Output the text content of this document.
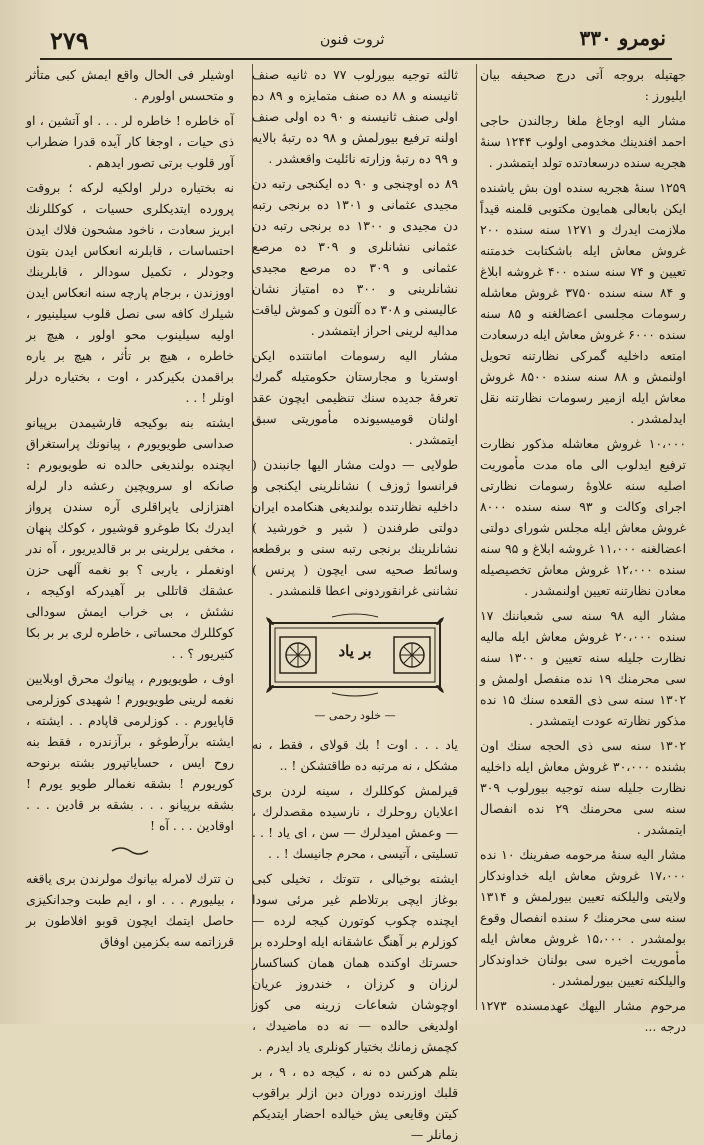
۲۷۹	ثروت فنون	نومرو ۳۳۰

جهتیله بروجه آتی درج صحیفه بیان ایلیورز :

مشار الیه اوجاغ ملغا رجالندن حاجی احمد افندینك مخدومی اولوب ۱۲۴۴ سنهٔ هجریه سنده درسعادتده تولد ایتمشدر .

۱۲۵۹ سنهٔ هجریه سنده اون بش یاشنده ایکن بابعالی همایون مکتوبی قلمنه قیداً ملازمت ایدرك و ۱۲۷۱ سنه سنده ۲۰۰ غروش معاش ایله باشکتابت خدمتنه تعیین و ۷۴ سنه سنده ۴۰۰ غروشه ابلاغ و ۸۴ سنه سنده ۳۷۵۰ غروش معاشله رسومات مجلسی اعضالغنه و ۸۵ سنه سنده ۶۰۰۰ غروش معاش ایله درسعادت امتعه داخلیه گمرکی نظارتنه تحویل اولنمش و ۸۸ سنه سنده ۸۵۰۰ غروش معاش ایله ازمیر رسومات نظارتنه نقل ایدلمشدر .

۱۰،۰۰۰ غروش معاشله مذکور نظارت ترفیع ایدلوب الی ماه مدت مأموریت اصلیه سنه علاوهٔ رسومات نظارتی اجرای وکالت و ۹۳ سنه سنده ۸۰۰۰ غروش معاش ایله مجلس شورای دولتی اعضالغنه ۱۱،۰۰۰ غروشه ابلاغ و ۹۵ سنه سنده ۱۲،۰۰۰ غروش معاش تخصیصیله معادن نظارتنه تعیین اولنمشدر .

مشار الیه ۹۸ سنه سی شعباننك ۱۷ سنده ۲۰،۰۰۰ غروش معاش ایله مالیه نظارت جلیله سنه تعیین و ۱۳۰۰ سنه سی محرمنك ۱۹ نده منفصل اولمش و ۱۳۰۲ سنه سی ذی القعده سنك ۱۵ نده مذکور نظارته عودت ایتمشدر .

۱۳۰۲ سنه سی ذی الحجه سنك اون بشنده ۳۰،۰۰۰ غروش معاش ایله داخلیه نظارت جلیله سنه توجیه بیورلوب ۳۰۹ سنه سی محرمنك ۲۹ نده انفصال ایتمشدر .

مشار الیه سنهٔ مرحومه صفرینك ۱۰ نده ۱۷،۰۰۰ غروش معاش ایله خداوندکار ولایتی والیلکنه تعیین بیورلمش و ۱۳۱۴ سنه سی محرمنك ۶ سنده انفصال وقوع بولمشدر . ۱۵،۰۰۰ غروش معاش ایله مأموریت اخیره سی بولنان خداوندکار والیلکنه تعیین بیورلمشدر .

مرحوم مشار الیهك عهدمسنده ۱۲۷۳ درجه ...

ثالثه توجیه بیورلوب ۷۷ ده ثانیه صنف ثانیسنه و ۸۸ ده صنف متمایزه و ۸۹ ده اولی صنف ثانیسنه و ۹۰ ده اولی صنف اولنه ترفیع بیورلمش و ۹۸ ده رتبهٔ بالایه و ۹۹ ده رتبهٔ وزارته نائلیت واقعشدر .

۸۹ ده اوچنجی و ۹۰ ده ایکنجی رتبه دن مجیدی عثمانی و ۱۳۰۱ ده برنجی رتبه دن مجیدی و ۱۳۰۰ ده برنجی رتبه دن عثمانی نشانلری و ۳۰۹ ده مرصع عثمانی و ۳۰۹ ده مرصع مجیدی نشانلرینی و ۳۰۰ ده امتیاز نشان عالیسنی و ۳۰۸ ده آلتون و کموش لیاقت مدالیه لرینی احراز ایتمشدر .

مشار الیه رسومات امانتنده ایکن اوستریا و مجارستان حکومتیله گمرك تعرفهٔ جدیده سنك تنظیمی ایچون عقد اولنان قومیسیونده مأموریتی سبق ایتمشدر .

طولایی — دولت مشار الیها جانبندن ( فرانسوا ژوزف ) نشانلرینی ایکنجی و داخلیه نظارتنده بولندیغی هنکامده ایران دولتی طرفندن ( شیر و خورشید ) نشانلرینك برنجی رتبه سنی و برقطعه وسائط صحیه سی ایچون ( پرنس ) نشاننی غرانقوردونی اعطا قلنمشدر .

بر یاد
— خلود رحمی —

یاد . . . اوت ! بك قولای ، فقط ، نه مشکل ، نه مرتبه ده طاقتشکن ! ..

قیرلمش کوکللرك ، سینه لردن بری اعلایان روحلرك ، نارسیده مقصدلرك ، — وعمش امیدلرك — سن ، ای یاد ! . . تسلیتی ، آتیسی ، محرم جانیسك ! . .

ایشته بوخیالی ، تتوتك ، تخیلی کبی بوغاز ایچی برتلاطم غیر مرئی سودا ایچنده چکوب کوتورن کیجه لرده — کوزلرم بر آهنگ عاشقانه ایله اوحلرده بر حسرتك اوکنده همان همان کساکسار لرزان و کرزان ، خندروز عریان اوچوشان شعاعات زرینه می کوز اولدیغی حالده — نه ده ماضیدك ، کچمش زمانك بختیار کونلری یاد ایدرم .

بتلم هرکس ده نه ، کیجه ده ، ۹ ، بر قلبك اوزرنده دوران دبن ازلر براقوب کیتن وقایعی یش خیالده احضار ایتدیکم زمانلر —

اوشیلر فی الحال واقع ایمش کبی متأثر و متحسس اولورم .

آه خاطره ! خاطره لر . . . او آتشین ، او ذی حیات ، اوجغا کار آیده قدرا ضطراب آور قلوب برتی تصور ایدهم .

نه بختیاره درلر اولکیه لرکه ؛ بروقت پرورده ایتدیکلری حسیات ، کوکللرنك ابریز سعادت ، ناخود مشحون فلاك ایدن احتساسات ، قابلرنه انعکاس ایدن بتون وجودلر ، تکمیل سودالر ، قابلرینك اووزندن ، برجام پارچه سنه انعکاس ایدن شیلرك کافه سی نصل قلوب سیلینیور ، اولیه سیلینوب محو اولور ، هیچ بر خاطره ، هیچ بر تأثر ، هیچ بر یاره براقمدن بکیرکدر ، اوت ، بختیاره درلر اونلر ! . .

ایشته بنه بوکیجه قارشیمدن برپیانو صداسی طویویورم ، پیانونك پراستغراق ایچنده بولندیغی حالده نه طویویورم : صانکه او سرویچین رعشه دار لرله اهتزازلی یاپراقلری آره سندن پرواز ایدرك بکا طوغرو قوشیور ، کوکك پنهان ، مخفی یرلرینی بر بر قالدیریور ، آه ندر اونغملر ، یاربی ؟ بو نغمه آلهی حزن عشقك قاتللی بر آهیدرکه اوکیجه ، نشئش ، بی خراب ایمش سودالی کوکللرك محساتی ، خاطره لری بر بر بکا کتیریور ؟ . .

اوف ، طویویورم ، پیانوك محرق اوبلایین نغمه لرینی طویویورم ! شهیدی کوزلرمی قاپایورم . . کوزلرمی قاپادم . . ایشته ، ایشته برآرطوغو ، برآزندره ، فقط بنه روح ایس ، حسایاتپرور بشته برنوحه کوریورم ! بشقه نغمالر طویو یورم ! بشقه برپیانو . . . بشقه بر قادین . . . اوقادین . . . آه !

ن تترك لامرله بیانوك مولرندن بری یاقغه ، بیلیورم . . . او ، ایم طبت وجدانکیزی حاصل ایتمك ایچون قوبو افلاطون بر قرزاتمه سه بکزمین اوفاق
